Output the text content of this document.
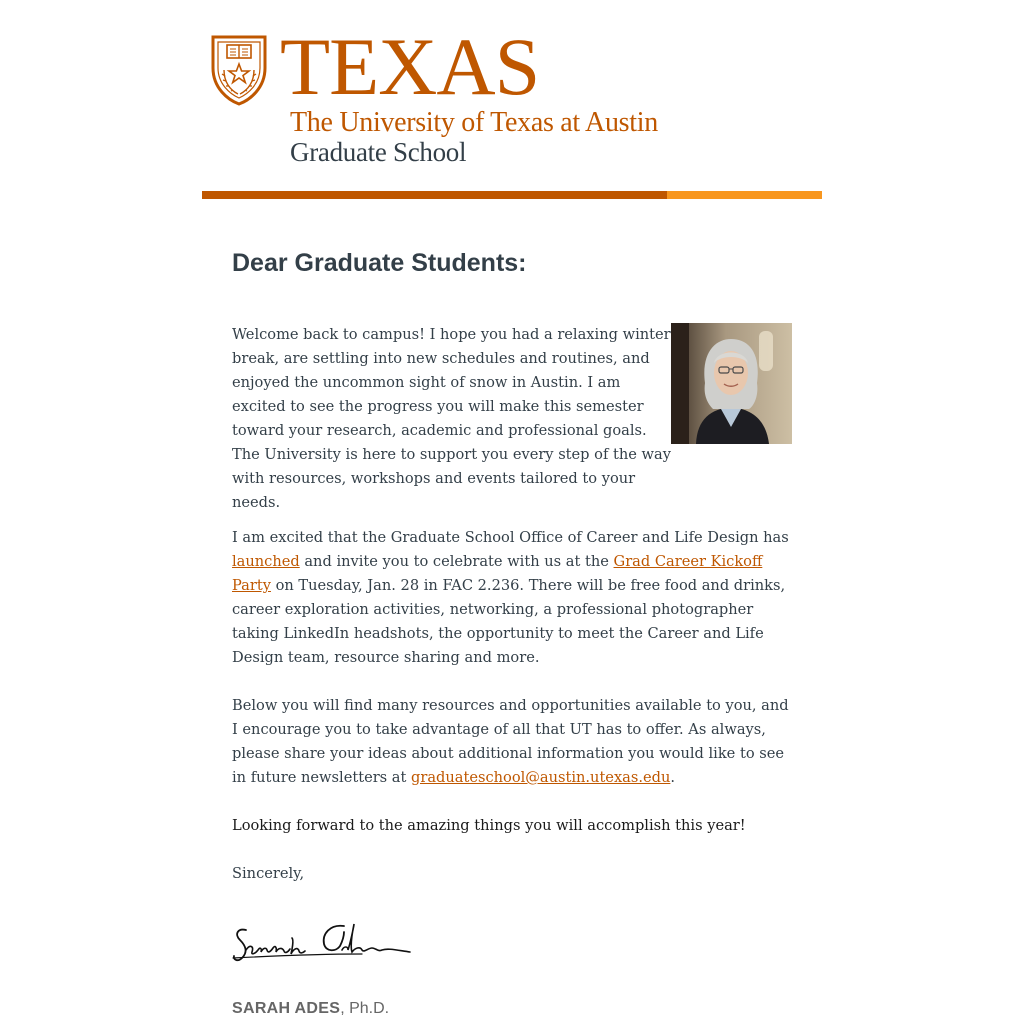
TEXAS
The University of Texas at Austin
Graduate School
Dear Graduate Students:

Welcome back to campus! I hope you had a relaxing winter break, are settling into new schedules and routines, and enjoyed the uncommon sight of snow in Austin. I am excited to see the progress you will make this semester toward your research, academic and professional goals. The University is here to support you every step of the way with resources, workshops and events tailored to your needs.

I am excited that the Graduate School Office of Career and Life Design has launched and invite you to celebrate with us at the Grad Career Kickoff Party on Tuesday, Jan. 28 in FAC 2.236. There will be free food and drinks, career exploration activities, networking, a professional photographer taking LinkedIn headshots, the opportunity to meet the Career and Life Design team, resource sharing and more.

Below you will find many resources and opportunities available to you, and I encourage you to take advantage of all that UT has to offer. As always, please share your ideas about additional information you would like to see in future newsletters at graduateschool@austin.utexas.edu.

Looking forward to the amazing things you will accomplish this year!

Sincerely,

SARAH ADES, Ph.D.
